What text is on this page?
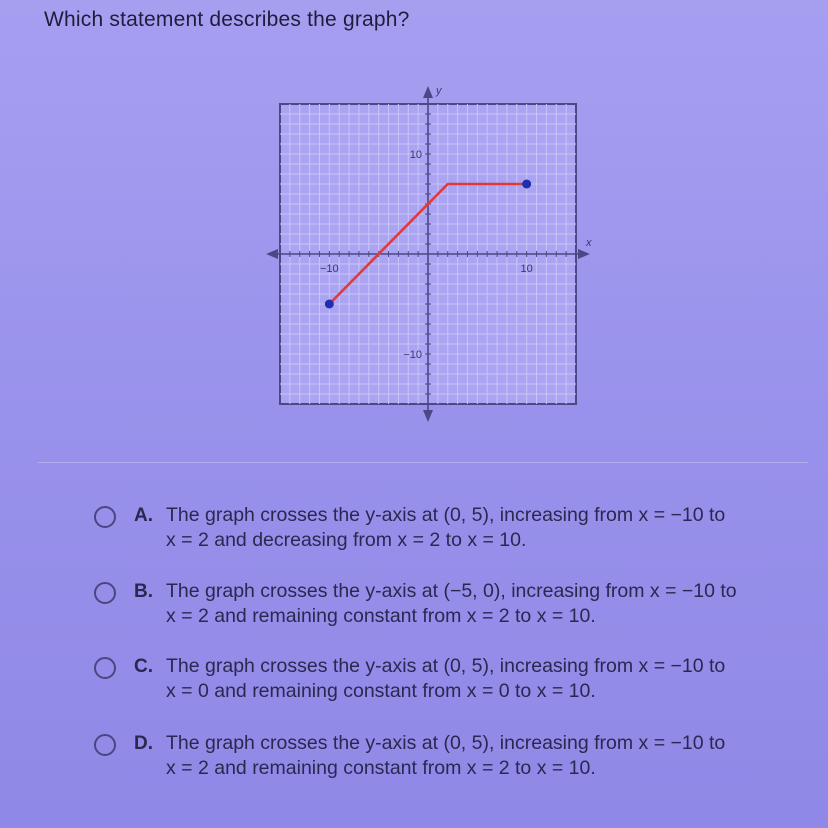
Which statement describes the graph?
x
y
−10	10
10
−10
A. The graph crosses the y-axis at (0, 5), increasing from x = −10 to
x = 2 and decreasing from x = 2 to x = 10.
B. The graph crosses the y-axis at (−5, 0), increasing from x = −10 to
x = 2 and remaining constant from x = 2 to x = 10.
C. The graph crosses the y-axis at (0, 5), increasing from x = −10 to
x = 0 and remaining constant from x = 0 to x = 10.
D. The graph crosses the y-axis at (0, 5), increasing from x = −10 to
x = 2 and remaining constant from x = 2 to x = 10.
